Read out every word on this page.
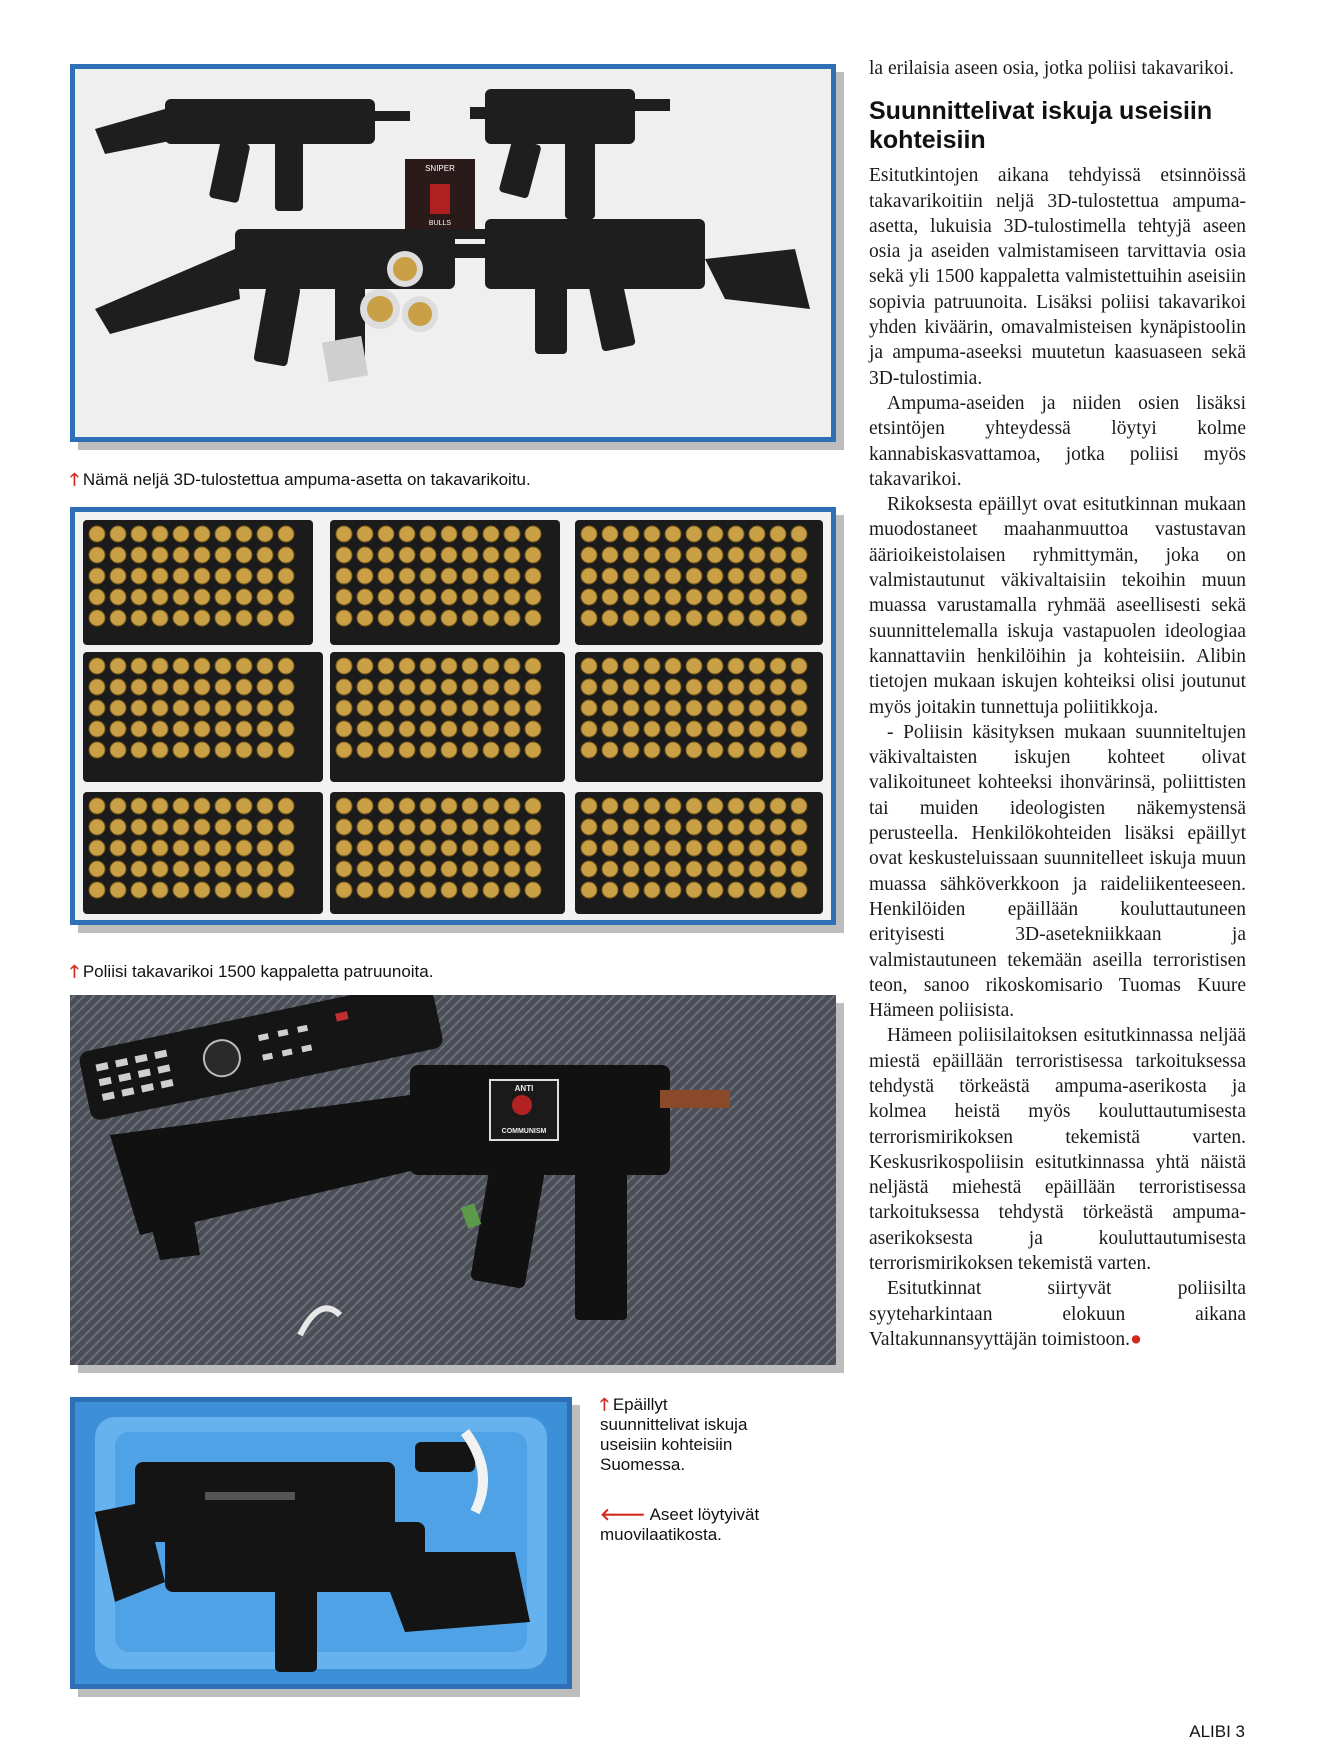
SNIPER
BULLS
🡑 Nämä neljä 3D-tulostettua ampuma-asetta on takavarikoitu.
🡑 Poliisi takavarikoi 1500 kappaletta patruunoita.
ANTI
COMMUNISM
🡑 Epäillyt suunnittelivat iskuja useisiin kohteisiin Suomessa.
🡐 Aseet löytyivät muovilaatikosta.

la erilaisia aseen osia, jotka poliisi takavarikoi.

Suunnittelivat iskuja useisiin kohteisiin

Esitutkintojen aikana tehdyissä etsinnöissä takavarikoitiin neljä 3D-tulostettua ampuma-asetta, lukuisia 3D-tulostimella tehtyjä aseen osia ja aseiden valmistamiseen tarvittavia osia sekä yli 1500 kappaletta valmistettuihin aseisiin sopivia patruunoita. Lisäksi poliisi takavarikoi yhden kiväärin, omavalmisteisen kynäpistoolin ja ampuma-aseeksi muutetun kaasuaseen sekä 3D-tulostimia.

Ampuma-aseiden ja niiden osien lisäksi etsintöjen yhteydessä löytyi kolme kannabiskasvattamoa, jotka poliisi myös takavarikoi.

Rikoksesta epäillyt ovat esitutkinnan mukaan muodostaneet maahanmuuttoa vastustavan äärioikeistolaisen ryhmittymän, joka on valmistautunut väkivaltaisiin tekoihin muun muassa varustamalla ryhmää aseellisesti sekä suunnittelemalla iskuja vastapuolen ideologiaa kannattaviin henkilöihin ja kohteisiin. Alibin tietojen mukaan iskujen kohteiksi olisi joutunut myös joitakin tunnettuja poliitikkoja.

- Poliisin käsityksen mukaan suunniteltujen väkivaltaisten iskujen kohteet olivat valikoituneet kohteeksi ihonvärinsä, poliittisten tai muiden ideologisten näkemystensä perusteella. Henkilökohteiden lisäksi epäillyt ovat keskusteluissaan suunnitelleet iskuja muun muassa sähköverkkoon ja raideliikenteeseen. Henkilöiden epäillään kouluttautuneen erityisesti 3D-asetekniikkaan ja valmistautuneen tekemään aseilla terroristisen teon, sanoo rikoskomisario Tuomas Kuure Hämeen poliisista.

Hämeen poliisilaitoksen esitutkinnassa neljää miestä epäillään terroristisessa tarkoituksessa tehdystä törkeästä ampuma-aserikosta ja kolmea heistä myös kouluttautumisesta terrorismirikoksen tekemistä varten. Keskusrikospoliisin esitutkinnassa yhtä näistä neljästä miehestä epäillään terroristisessa tarkoituksessa tehdystä törkeästä ampuma-aserikoksesta ja kouluttautumisesta terrorismirikoksen tekemistä varten.

Esitutkinnat siirtyvät poliisilta syyteharkintaan elokuun aikana Valtakunnansyyttäjän toimistoon.●

ALIBI 3
